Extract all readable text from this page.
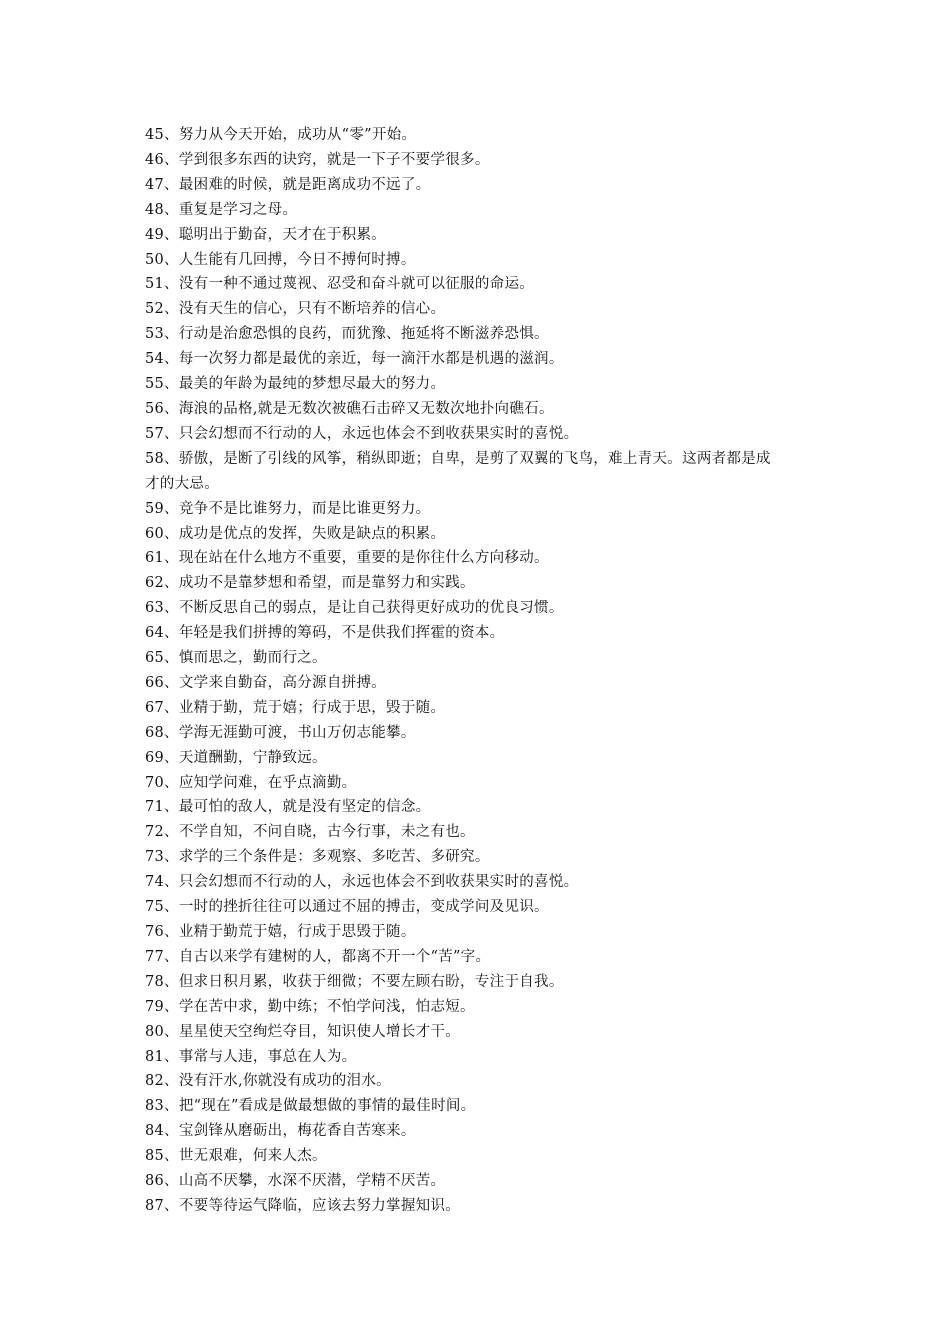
45、努力从今天开始，成功从“零”开始。
46、学到很多东西的诀窍，就是一下子不要学很多。
47、最困难的时候，就是距离成功不远了。
48、重复是学习之母。
49、聪明出于勤奋，天才在于积累。
50、人生能有几回搏，今日不搏何时搏。
51、没有一种不通过蔑视、忍受和奋斗就可以征服的命运。
52、没有天生的信心，只有不断培养的信心。
53、行动是治愈恐惧的良药，而犹豫、拖延将不断滋养恐惧。
54、每一次努力都是最优的亲近，每一滴汗水都是机遇的滋润。
55、最美的年龄为最纯的梦想尽最大的努力。
56、海浪的品格,就是无数次被礁石击碎又无数次地扑向礁石。
57、只会幻想而不行动的人，永远也体会不到收获果实时的喜悦。
58、骄傲，是断了引线的风筝，稍纵即逝；自卑，是剪了双翼的飞鸟，难上青天。这两者都是成
才的大忌。
59、竞争不是比谁努力，而是比谁更努力。
60、成功是优点的发挥，失败是缺点的积累。
61、现在站在什么地方不重要，重要的是你往什么方向移动。
62、成功不是靠梦想和希望，而是靠努力和实践。
63、不断反思自己的弱点，是让自己获得更好成功的优良习惯。
64、年轻是我们拼搏的筹码，不是供我们挥霍的资本。
65、慎而思之，勤而行之。
66、文学来自勤奋，高分源自拼搏。
67、业精于勤，荒于嬉；行成于思，毁于随。
68、学海无涯勤可渡，书山万仞志能攀。
69、天道酬勤，宁静致远。
70、应知学问难，在乎点滴勤。
71、最可怕的敌人，就是没有坚定的信念。
72、不学自知，不问自晓，古今行事，未之有也。
73、求学的三个条件是：多观察、多吃苦、多研究。
74、只会幻想而不行动的人，永远也体会不到收获果实时的喜悦。
75、一时的挫折往往可以通过不屈的搏击，变成学问及见识。
76、业精于勤荒于嬉，行成于思毁于随。
77、自古以来学有建树的人，都离不开一个“苦”字。
78、但求日积月累，收获于细微；不要左顾右盼，专注于自我。
79、学在苦中求，勤中练；不怕学问浅，怕志短。
80、星星使天空绚烂夺目，知识使人增长才干。
81、事常与人违，事总在人为。
82、没有汗水,你就没有成功的泪水。
83、把“现在”看成是做最想做的事情的最佳时间。
84、宝剑锋从磨砺出，梅花香自苦寒来。
85、世无艰难，何来人杰。
86、山高不厌攀，水深不厌潜，学精不厌苦。
87、不要等待运气降临，应该去努力掌握知识。
